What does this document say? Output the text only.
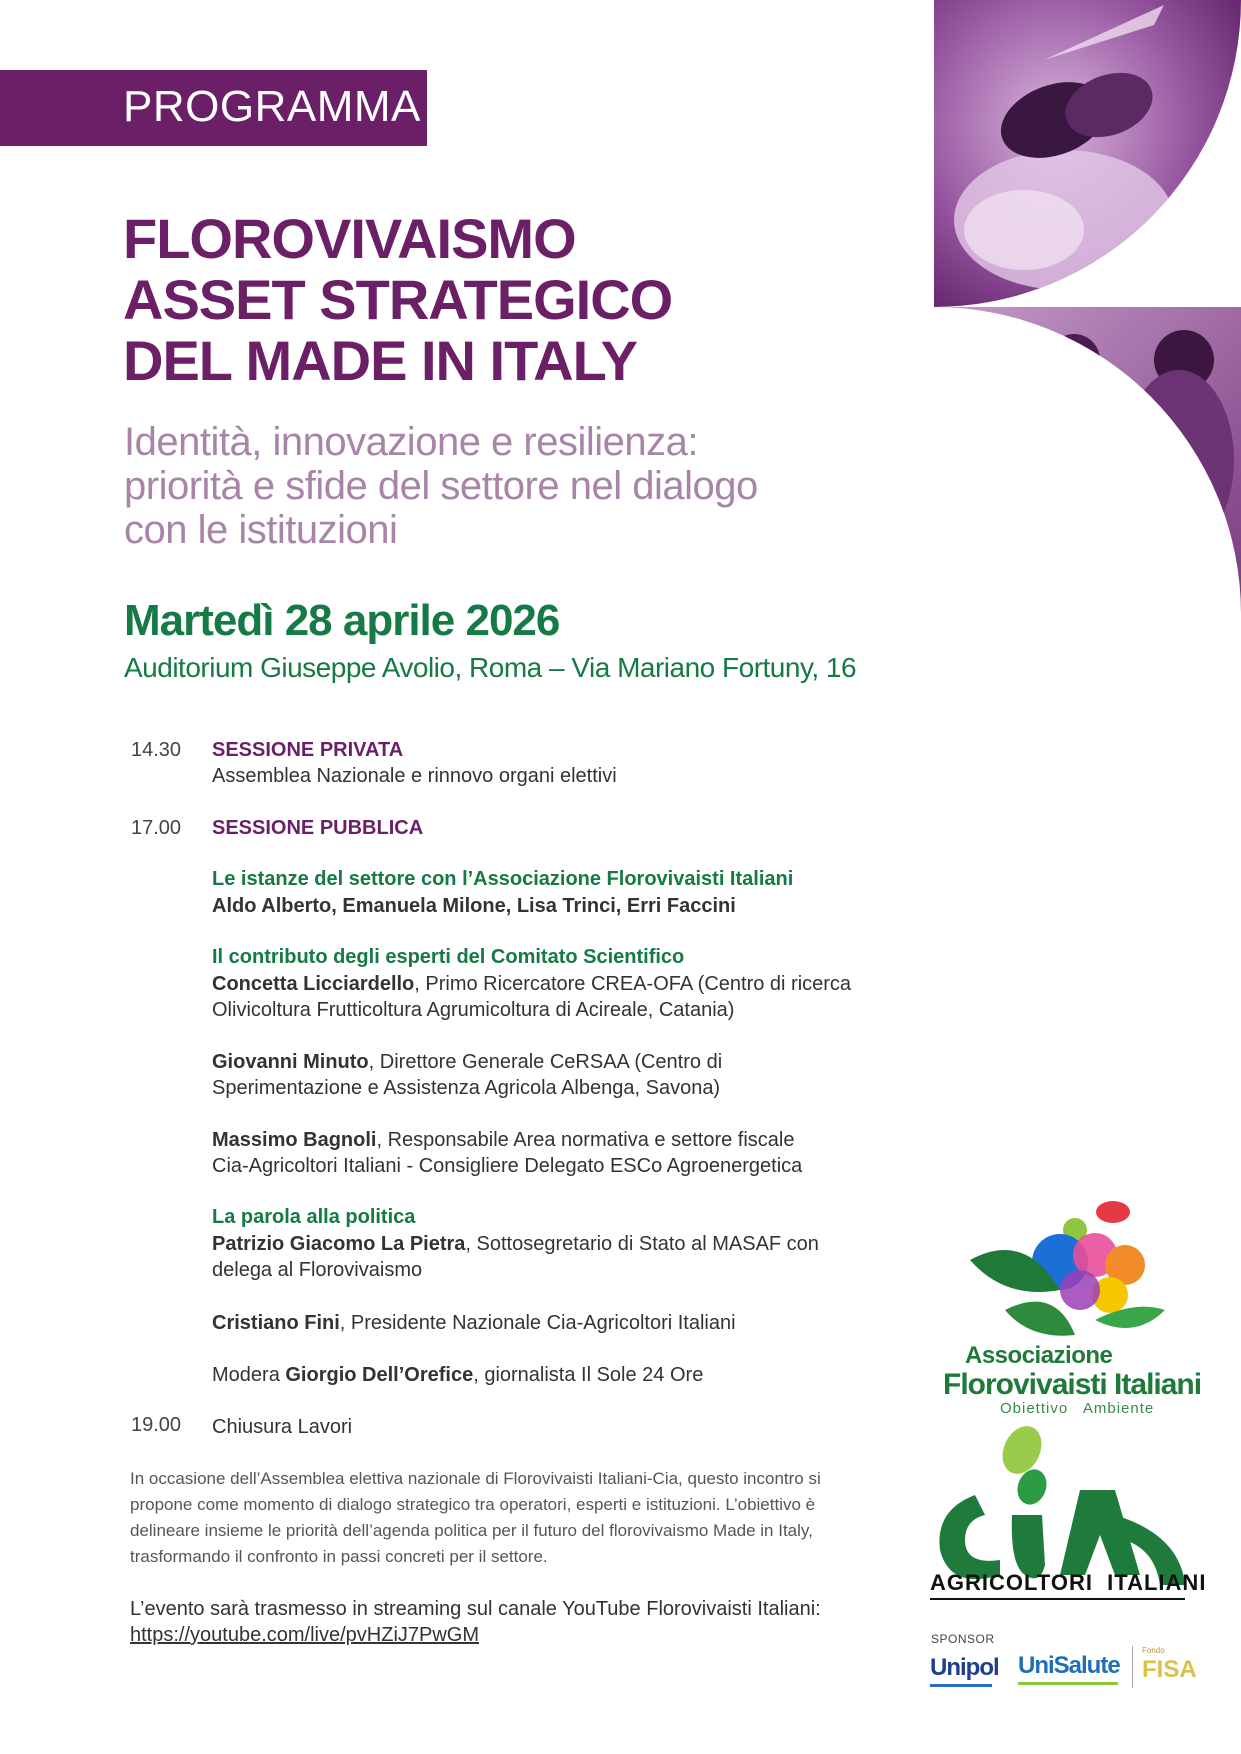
PROGRAMMA
FLOROVIVAISMO
ASSET STRATEGICO
DEL MADE IN ITALY
Identità, innovazione e resilienza:
priorità e sfide del settore nel dialogo
con le istituzioni
Martedì 28 aprile 2026
Auditorium Giuseppe Avolio, Roma – Via Mariano Fortuny, 16
14.30 SESSIONE PRIVATA
Assemblea Nazionale e rinnovo organi elettivi
17.00 SESSIONE PUBBLICA
Le istanze del settore con l’Associazione Florovivaisti Italiani
Aldo Alberto, Emanuela Milone, Lisa Trinci, Erri Faccini
Il contributo degli esperti del Comitato Scientifico
Concetta Licciardello, Primo Ricercatore CREA-OFA (Centro di ricerca
Olivicoltura Frutticoltura Agrumicoltura di Acireale, Catania)
Giovanni Minuto, Direttore Generale CeRSAA (Centro di
Sperimentazione e Assistenza Agricola Albenga, Savona)
Massimo Bagnoli, Responsabile Area normativa e settore fiscale
Cia-Agricoltori Italiani - Consigliere Delegato ESCo Agroenergetica
La parola alla politica
Patrizio Giacomo La Pietra, Sottosegretario di Stato al MASAF con
delega al Florovivaismo
Cristiano Fini, Presidente Nazionale Cia-Agricoltori Italiani
Modera Giorgio Dell’Orefice, giornalista Il Sole 24 Ore
19.00 Chiusura Lavori
In occasione dell’Assemblea elettiva nazionale di Florovivaisti Italiani-Cia, questo incontro si
propone come momento di dialogo strategico tra operatori, esperti e istituzioni. L’obiettivo è
delineare insieme le priorità dell’agenda politica per il futuro del florovivaismo Made in Italy,
trasformando il confronto in passi concreti per il settore.
L’evento sarà trasmesso in streaming sul canale YouTube Florovivaisti Italiani:
https://youtube.com/live/pvHZiJ7PwGM
Associazione
Florovivaisti Italiani
Obiettivo   Ambiente
AGRICOLTORI  ITALIANI
SPONSOR
Unipol UniSalute
Fondo
FISA
